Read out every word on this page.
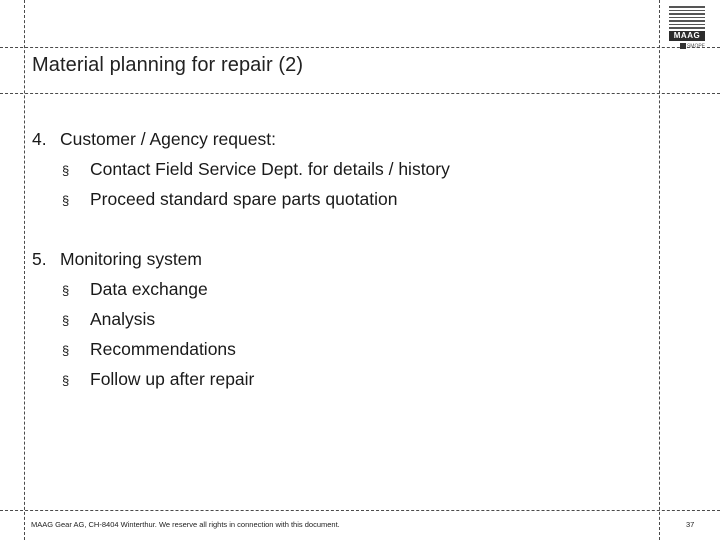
MAAG
SMOPE
Material planning for repair (2)
4. Customer / Agency request:
§ Contact Field Service Dept. for details / history
§ Proceed standard spare parts quotation
5. Monitoring system
§ Data exchange
§ Analysis
§ Recommendations
§ Follow up after repair
MAAG Gear AG, CH-8404 Winterthur. We reserve all rights in connection with this document.	37
